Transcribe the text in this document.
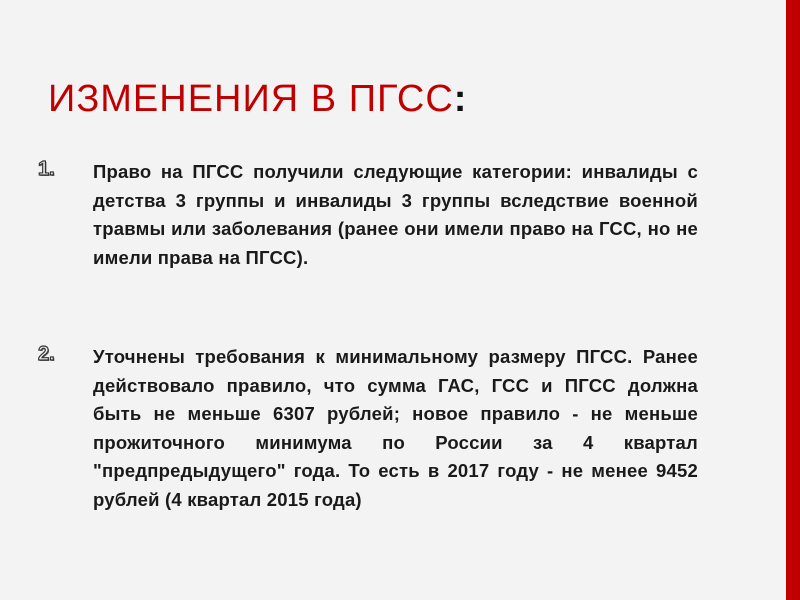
ИЗМЕНЕНИЯ В ПГСС:
1. Право на ПГСС получили следующие категории: инвалиды с детства 3 группы и инвалиды 3 группы вследствие военной травмы или заболевания (ранее они имели право на ГСС, но не имели права на ПГСС).
2. Уточнены требования к минимальному размеру ПГСС. Ранее действовало правило, что сумма ГАС, ГСС и ПГСС должна быть не меньше 6307 рублей; новое правило - не меньше прожиточного минимума по России за 4 квартал "предпредыдущего" года. То есть в 2017 году - не менее 9452 рублей (4 квартал 2015 года)
